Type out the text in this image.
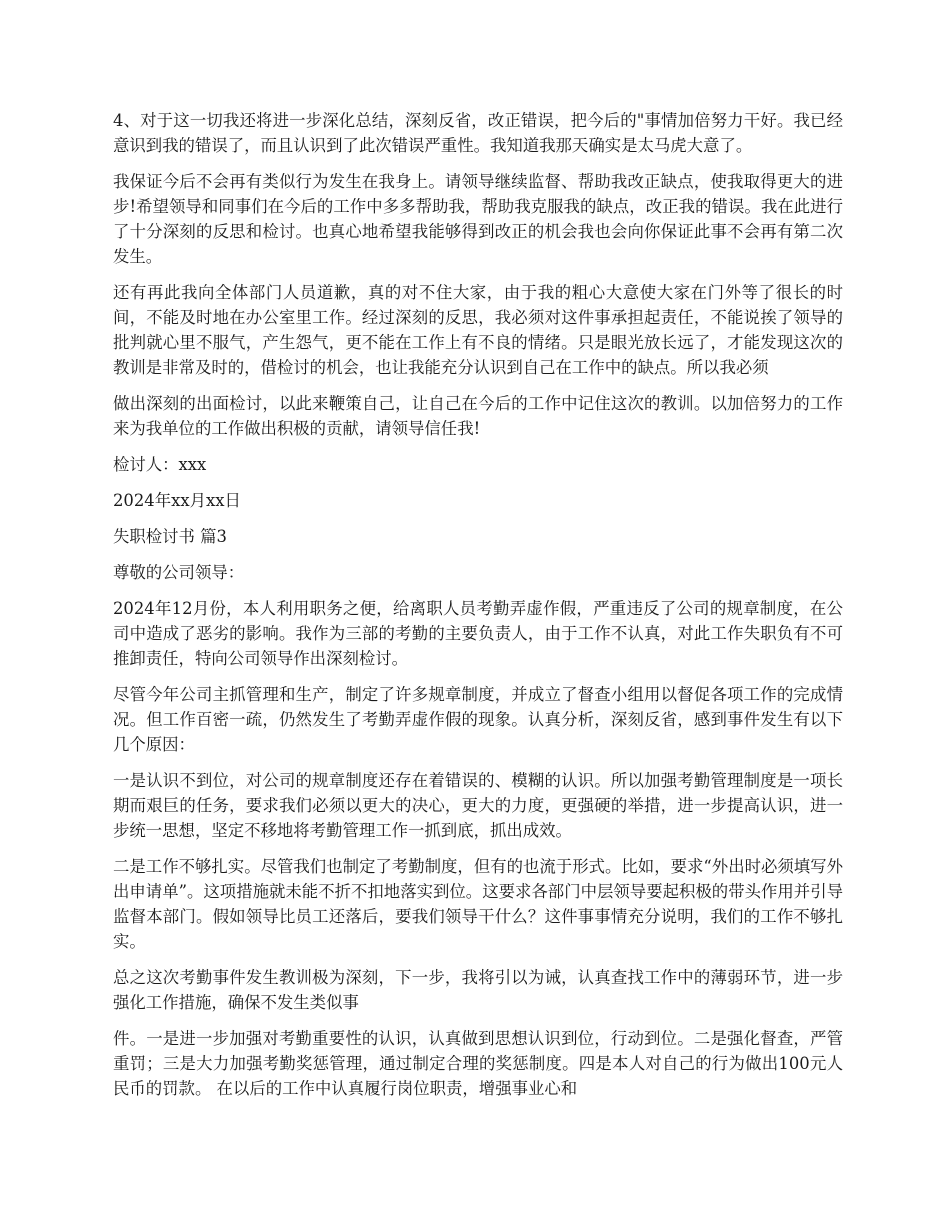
4、对于这一切我还将进一步深化总结，深刻反省，改正错误，把今后的"事情加倍努力干好。我已经意识到我的错误了，而且认识到了此次错误严重性。我知道我那天确实是太马虎大意了。

我保证今后不会再有类似行为发生在我身上。请领导继续监督、帮助我改正缺点，使我取得更大的进步!希望领导和同事们在今后的工作中多多帮助我，帮助我克服我的缺点，改正我的错误。我在此进行了十分深刻的反思和检讨。也真心地希望我能够得到改正的机会我也会向你保证此事不会再有第二次发生。

还有再此我向全体部门人员道歉，真的对不住大家，由于我的粗心大意使大家在门外等了很长的时间，不能及时地在办公室里工作。经过深刻的反思，我必须对这件事承担起责任，不能说挨了领导的批判就心里不服气，产生怨气，更不能在工作上有不良的情绪。只是眼光放长远了，才能发现这次的教训是非常及时的，借检讨的机会，也让我能充分认识到自己在工作中的缺点。所以我必须

做出深刻的出面检讨，以此来鞭策自己，让自己在今后的工作中记住这次的教训。以加倍努力的工作来为我单位的工作做出积极的贡献，请领导信任我!

检讨人：xxx

2024年xx月xx日

失职检讨书 篇3

尊敬的公司领导：

2024年12月份，本人利用职务之便，给离职人员考勤弄虚作假，严重违反了公司的规章制度，在公司中造成了恶劣的影响。我作为三部的考勤的主要负责人，由于工作不认真，对此工作失职负有不可推卸责任，特向公司领导作出深刻检讨。

尽管今年公司主抓管理和生产，制定了许多规章制度，并成立了督查小组用以督促各项工作的完成情况。但工作百密一疏，仍然发生了考勤弄虚作假的现象。认真分析，深刻反省，感到事件发生有以下几个原因：

一是认识不到位，对公司的规章制度还存在着错误的、模糊的认识。所以加强考勤管理制度是一项长期而艰巨的任务，要求我们必须以更大的决心，更大的力度，更强硬的举措，进一步提高认识，进一步统一思想，坚定不移地将考勤管理工作一抓到底，抓出成效。

二是工作不够扎实。尽管我们也制定了考勤制度，但有的也流于形式。比如，要求“外出时必须填写外出申请单”。这项措施就未能不折不扣地落实到位。这要求各部门中层领导要起积极的带头作用并引导监督本部门。假如领导比员工还落后，要我们领导干什么？这件事事情充分说明，我们的工作不够扎实。

总之这次考勤事件发生教训极为深刻，下一步，我将引以为诫，认真查找工作中的薄弱环节，进一步强化工作措施，确保不发生类似事

件。一是进一步加强对考勤重要性的认识，认真做到思想认识到位，行动到位。二是强化督查，严管重罚；三是大力加强考勤奖惩管理，通过制定合理的奖惩制度。四是本人对自己的行为做出100元人民币的罚款。 在以后的工作中认真履行岗位职责，增强事业心和
